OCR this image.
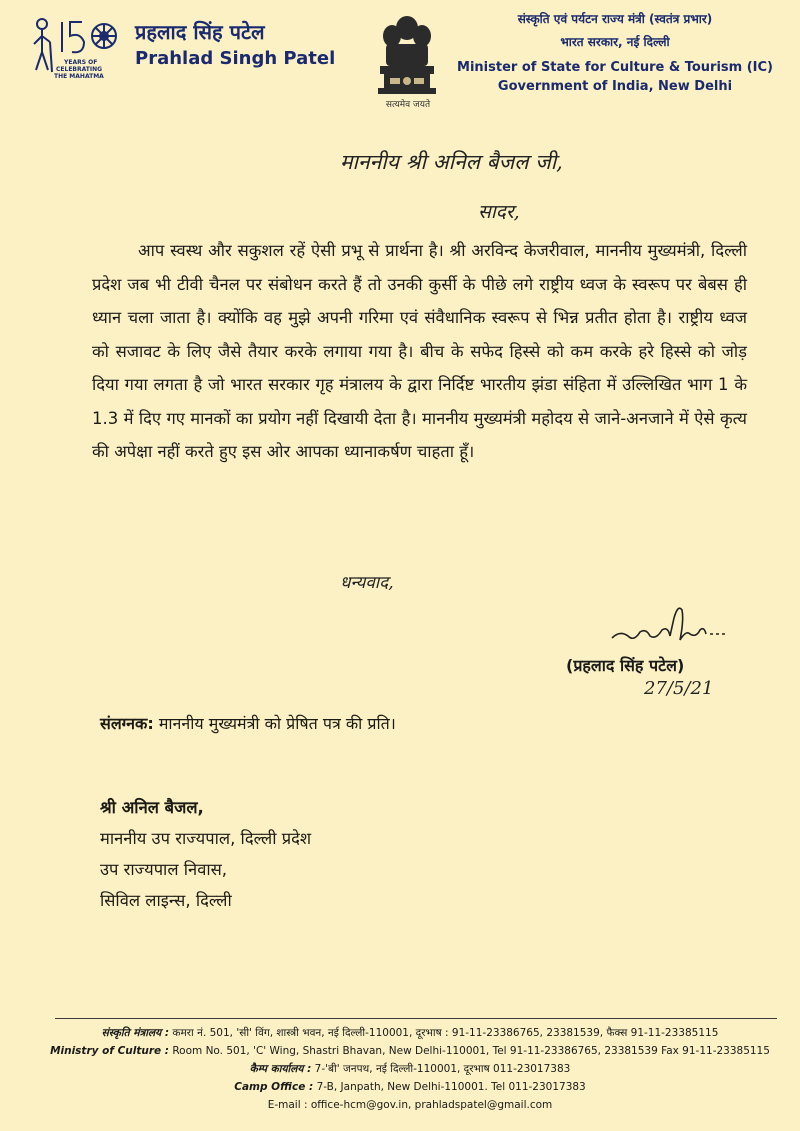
YEARS OF
CELEBRATING
THE MAHATMA
प्रहलाद सिंह पटेल
Prahlad Singh Patel
सत्यमेव जयते
संस्कृति एवं पर्यटन राज्य मंत्री (स्वतंत्र प्रभार)
भारत सरकार, नई दिल्ली
Minister of State for Culture & Tourism (IC)
Government of India, New Delhi
माननीय श्री अनिल बैजल जी,
सादर,
आप स्वस्थ और सकुशल रहें ऐसी प्रभू से प्रार्थना है। श्री अरविन्द केजरीवाल, माननीय मुख्यमंत्री, दिल्ली प्रदेश जब भी टीवी चैनल पर संबोधन करते हैं तो उनकी कुर्सी के पीछे लगे राष्ट्रीय ध्वज के स्वरूप पर बेबस ही ध्यान चला जाता है। क्योंकि वह मुझे अपनी गरिमा एवं संवैधानिक स्वरूप से भिन्न प्रतीत होता है। राष्ट्रीय ध्वज को सजावट के लिए जैसे तैयार करके लगाया गया है। बीच के सफेद हिस्से को कम करके हरे हिस्से को जोड़ दिया गया लगता है जो भारत सरकार गृह मंत्रालय के द्वारा निर्दिष्ट भारतीय झंडा संहिता में उल्लिखित भाग 1 के 1.3 में दिए गए मानकों का प्रयोग नहीं दिखायी देता है। माननीय मुख्यमंत्री महोदय से जाने-अनजाने में ऐसे कृत्य की अपेक्षा नहीं करते हुए इस ओर आपका ध्यानाकर्षण चाहता हूँ।
धन्यवाद,
(प्रहलाद सिंह पटेल)
27/5/21
संलग्नक: माननीय मुख्यमंत्री को प्रेषित पत्र की प्रति।
श्री अनिल बैजल,
माननीय उप राज्यपाल, दिल्ली प्रदेश
उप राज्यपाल निवास,
सिविल लाइन्स, दिल्ली
संस्कृति मंत्रालय : कमरा नं. 501, 'सी' विंग, शास्त्री भवन, नई दिल्ली-110001, दूरभाष : 91-11-23386765, 23381539, फैक्स 91-11-23385115
Ministry of Culture : Room No. 501, 'C' Wing, Shastri Bhavan, New Delhi-110001, Tel 91-11-23386765, 23381539 Fax 91-11-23385115
कैम्प कार्यालय : 7-'बी' जनपथ, नई दिल्ली-110001, दूरभाष 011-23017383
Camp Office : 7-B, Janpath, New Delhi-110001. Tel 011-23017383
E-mail : office-hcm@gov.in, prahladspatel@gmail.com
